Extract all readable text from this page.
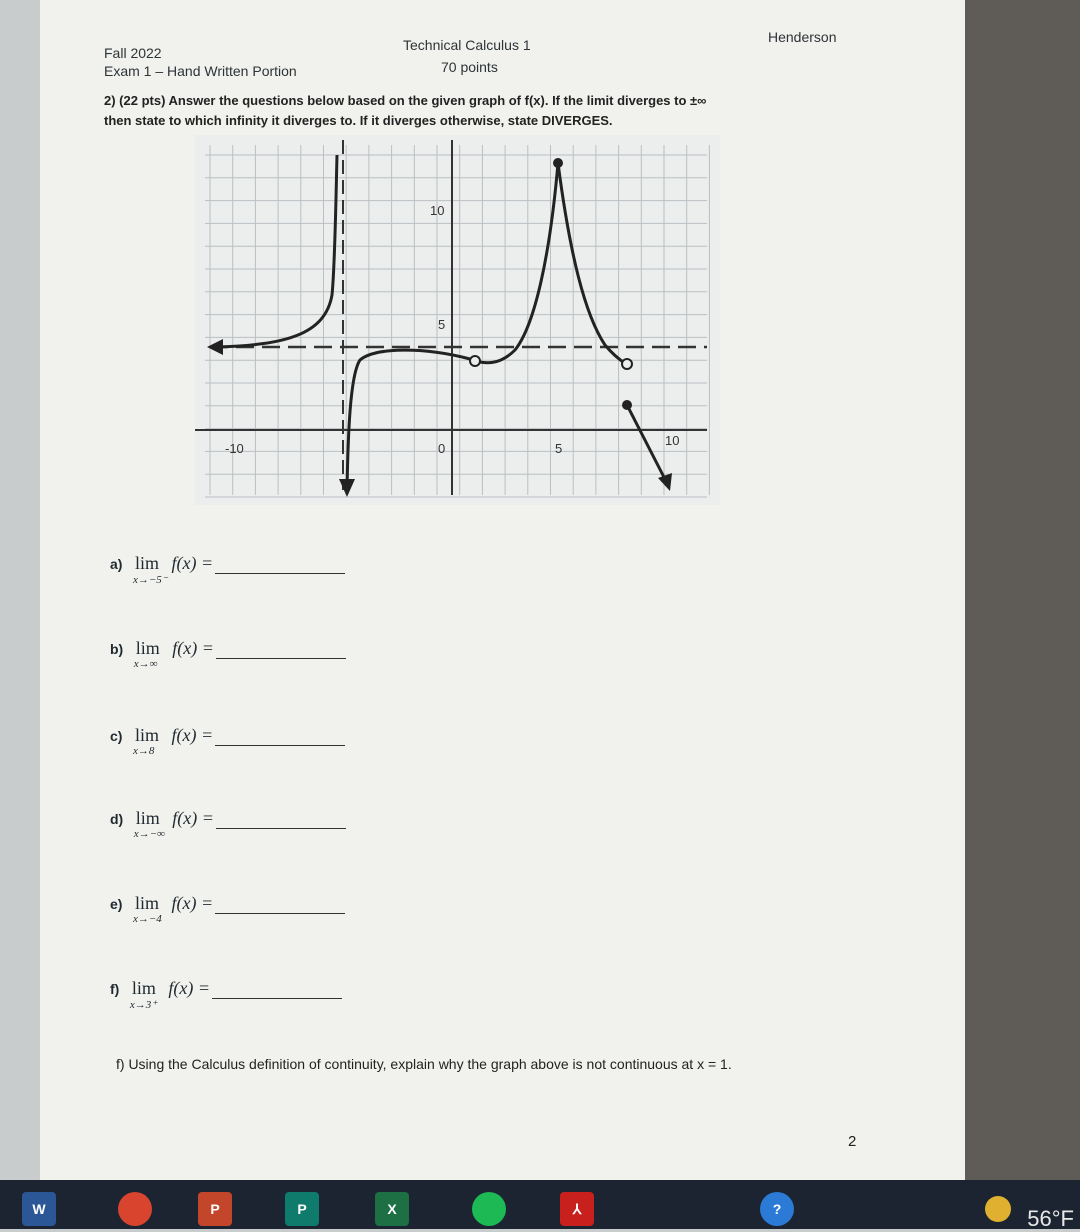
Fall 2022
Exam 1 – Hand Written Portion
Technical Calculus 1
70 points
Henderson
2) (22 pts) Answer the questions below based on the given graph of f(x). If the limit diverges to ±∞
then state to which infinity it diverges to. If it diverges otherwise, state DIVERGES.
10
5
-10	0	5
10
a) lim
x→−5⁻
f(x) =
b) lim
x→∞
f(x) =
c) lim
x→8
f(x) =
d) lim
x→−∞
f(x) =
e) lim
x→−4
f(x) =
f) lim
x→3⁺
f(x) =
f) Using the Calculus definition of continuity, explain why the graph above is not continuous at x = 1.
2
W	P	P	X	⅄	?	56°F
